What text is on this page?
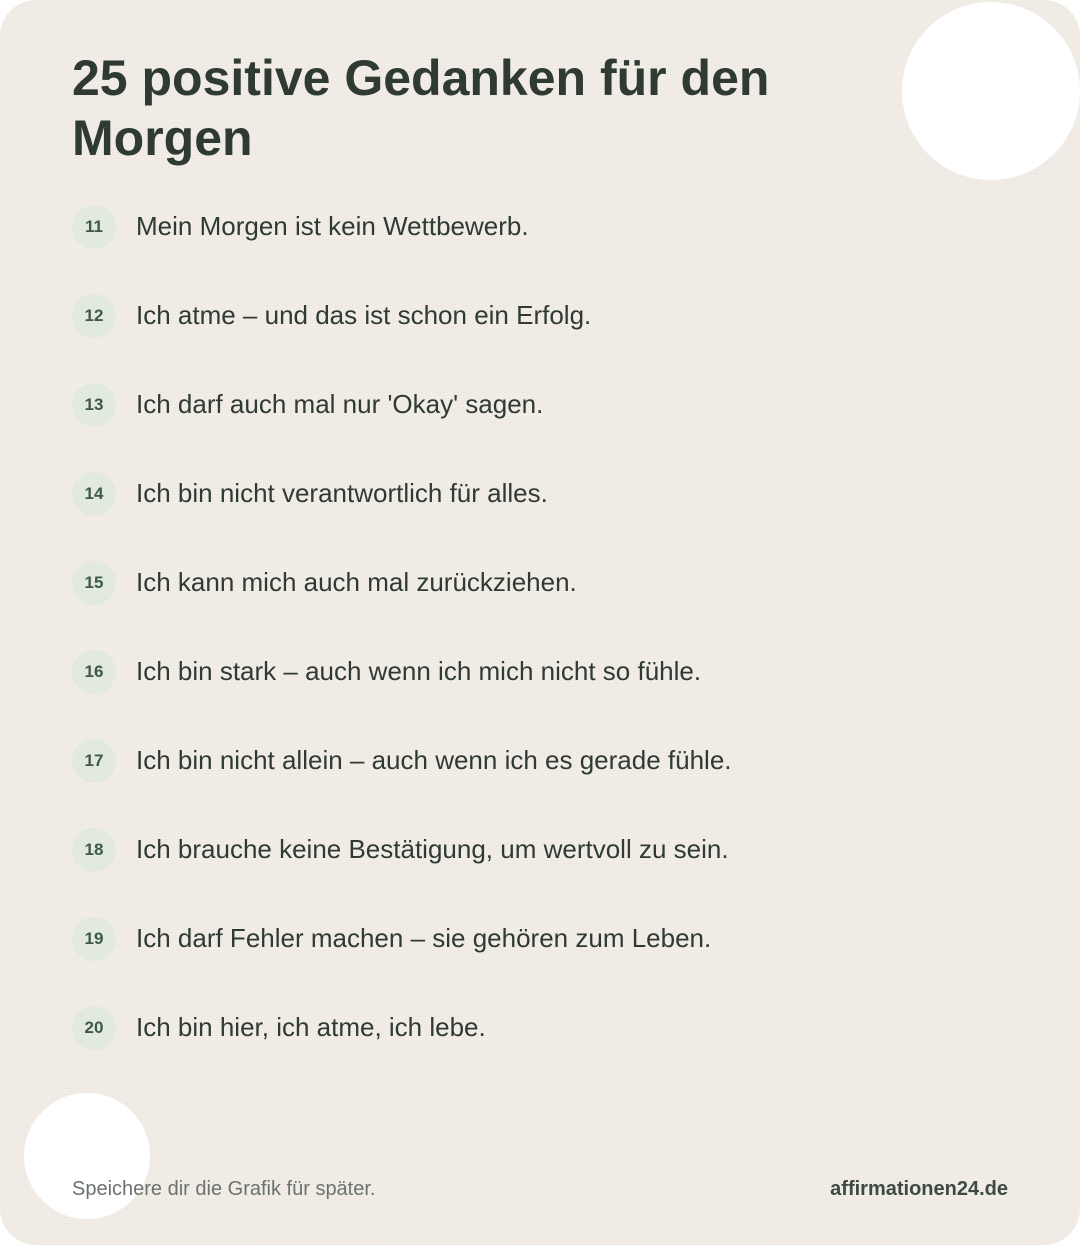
25 positive Gedanken für den Morgen
11	Mein Morgen ist kein Wettbewerb.
12	Ich atme – und das ist schon ein Erfolg.
13	Ich darf auch mal nur 'Okay' sagen.
14	Ich bin nicht verantwortlich für alles.
15	Ich kann mich auch mal zurückziehen.
16	Ich bin stark – auch wenn ich mich nicht so fühle.
17	Ich bin nicht allein – auch wenn ich es gerade fühle.
18	Ich brauche keine Bestätigung, um wertvoll zu sein.
19	Ich darf Fehler machen – sie gehören zum Leben.
20	Ich bin hier, ich atme, ich lebe.
Speichere dir die Grafik für später.	affirmationen24.de
